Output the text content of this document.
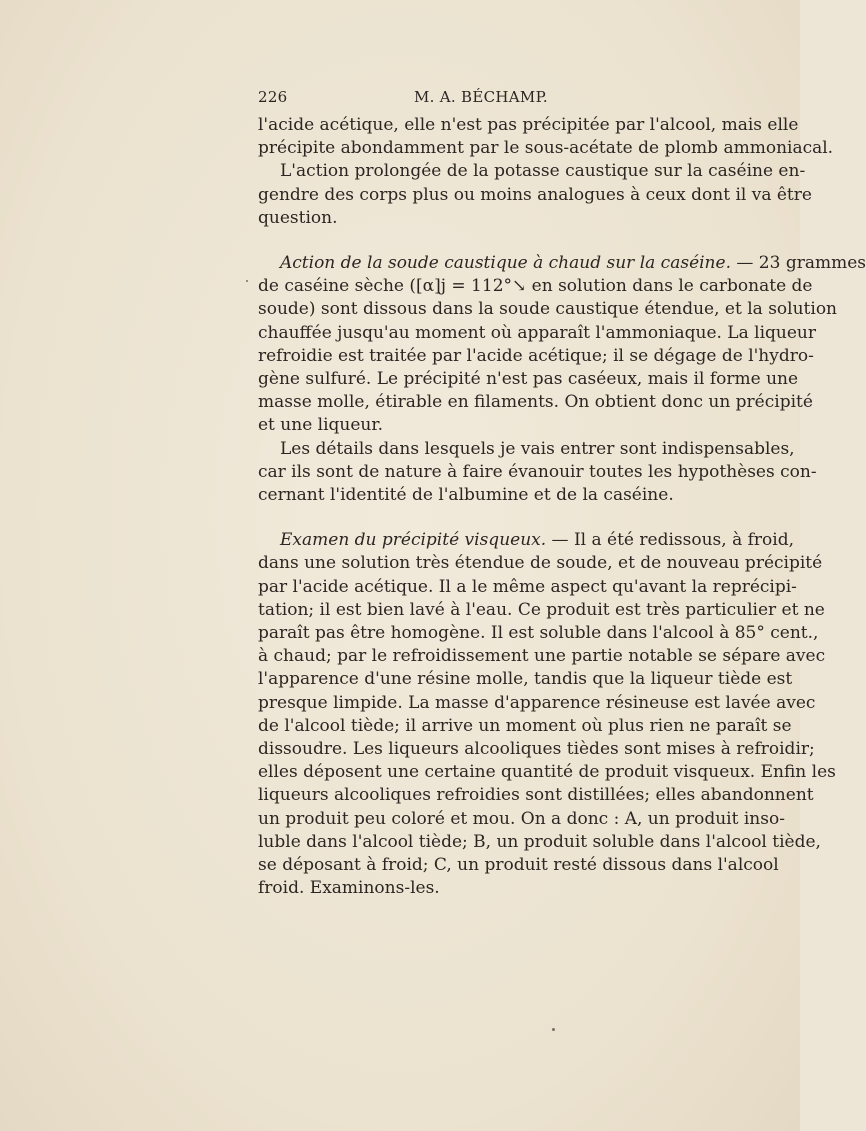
226	M. A. BÉCHAMP.

l'acide acétique, elle n'est pas précipitée par l'alcool, mais elle
précipite abondamment par le sous-acétate de plomb ammoniacal.

L'action prolongée de la potasse caustique sur la caséine en-
gendre des corps plus ou moins analogues à ceux dont il va être
question.

Action de la soude caustique à chaud sur la caséine. — 23 grammes
de caséine sèche ([α]j = 112°↘ en solution dans le carbonate de
soude) sont dissous dans la soude caustique étendue, et la solution
chauffée jusqu'au moment où apparaît l'ammoniaque. La liqueur
refroidie est traitée par l'acide acétique; il se dégage de l'hydro-
gène sulfuré. Le précipité n'est pas caséeux, mais il forme une
masse molle, étirable en filaments. On obtient donc un précipité
et une liqueur.

Les détails dans lesquels je vais entrer sont indispensables,
car ils sont de nature à faire évanouir toutes les hypothèses con-
cernant l'identité de l'albumine et de la caséine.

Examen du précipité visqueux. — Il a été redissous, à froid,
dans une solution très étendue de soude, et de nouveau précipité
par l'acide acétique. Il a le même aspect qu'avant la reprécipi-
tation; il est bien lavé à l'eau. Ce produit est très particulier et ne
paraît pas être homogène. Il est soluble dans l'alcool à 85° cent.,
à chaud; par le refroidissement une partie notable se sépare avec
l'apparence d'une résine molle, tandis que la liqueur tiède est
presque limpide. La masse d'apparence résineuse est lavée avec
de l'alcool tiède; il arrive un moment où plus rien ne paraît se
dissoudre. Les liqueurs alcooliques tièdes sont mises à refroidir;
elles déposent une certaine quantité de produit visqueux. Enfin les
liqueurs alcooliques refroidies sont distillées; elles abandonnent
un produit peu coloré et mou. On a donc : A, un produit inso-
luble dans l'alcool tiède; B, un produit soluble dans l'alcool tiède,
se déposant à froid; C, un produit resté dissous dans l'alcool
froid. Examinons-les.
